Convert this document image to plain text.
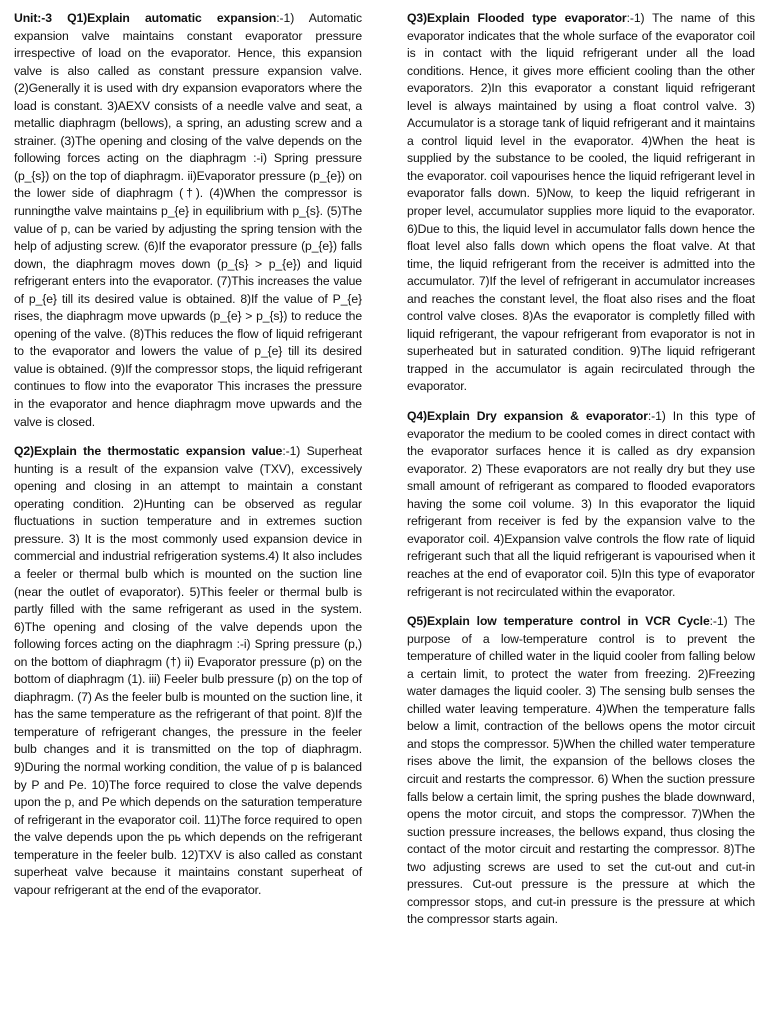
Unit:-3 Q1)Explain automatic expansion:-1) Automatic expansion valve maintains constant evaporator pressure irrespective of load on the evaporator. Hence, this expansion valve is also called as constant pressure expansion valve. (2)Generally it is used with dry expansion evaporators where the load is constant. 3)AEXV consists of a needle valve and seat, a metallic diaphragm (bellows), a spring, an adusting screw and a strainer. (3)The opening and closing of the valve depends on the following forces acting on the diaphragm :-i) Spring pressure (p_{s}) on the top of diaphragm. ii)Evaporator pressure (p_{e}) on the lower side of diaphragm (†). (4)When the compressor is runningthe valve maintains p_{e} in equilibrium with p_{s}. (5)The value of p, can be varied by adjusting the spring tension with the help of adjusting screw. (6)If the evaporator pressure (p_{e}) falls down, the diaphragm moves down (p_{s} > p_{e}) and liquid refrigerant enters into the evaporator. (7)This increases the value of p_{e} till its desired value is obtained. 8)If the value of P_{e} rises, the diaphragm move upwards (p_{e} > p_{s}) to reduce the opening of the valve. (8)This reduces the flow of liquid refrigerant to the evaporator and lowers the value of p_{e} till its desired value is obtained. (9)If the compressor stops, the liquid refrigerant continues to flow into the evaporator This incrases the pressure in the evaporator and hence diaphragm move upwards and the valve is closed.

Q2)Explain the thermostatic expansion value:-1) Superheat hunting is a result of the expansion valve (TXV), excessively opening and closing in an attempt to maintain a constant operating condition. 2)Hunting can be observed as regular fluctuations in suction temperature and in extremes suction pressure. 3) It is the most commonly used expansion device in commercial and industrial refrigeration systems.4) It also includes a feeler or thermal bulb which is mounted on the suction line (near the outlet of evaporator). 5)This feeler or thermal bulb is partly filled with the same refrigerant as used in the system. 6)The opening and closing of the valve depends upon the following forces acting on the diaphragm :-i) Spring pressure (p,) on the bottom of diaphragm (†) ii) Evaporator pressure (p) on the bottom of diaphragm (1). iii) Feeler bulb pressure (p) on the top of diaphragm. (7) As the feeler bulb is mounted on the suction line, it has the same temperature as the refrigerant of that point. 8)If the temperature of refrigerant changes, the pressure in the feeler bulb changes and it is transmitted on the top of diaphragm. 9)During the normal working condition, the value of p is balanced by P and Pe. 10)The force required to close the valve depends upon the p, and Pe which depends on the saturation temperature of refrigerant in the evaporator coil. 11)The force required to open the valve depends upon the pь which depends on the refrigerant temperature in the feeler bulb. 12)TXV is also called as constant superheat valve because it maintains constant superheat of vapour refrigerant at the end of the evaporator.

Q3)Explain Flooded type evaporator:-1) The name of this evaporator indicates that the whole surface of the evaporator coil is in contact with the liquid refrigerant under all the load conditions. Hence, it gives more efficient cooling than the other evaporators. 2)In this evaporator a constant liquid refrigerant level is always maintained by using a float control valve. 3) Accumulator is a storage tank of liquid refrigerant and it maintains a control liquid level in the evaporator. 4)When the heat is supplied by the substance to be cooled, the liquid refrigerant in the evaporator. coil vapourises hence the liquid refrigerant level in evaporator falls down. 5)Now, to keep the liquid refrigerant in proper level, accumulator supplies more liquid to the evaporator. 6)Due to this, the liquid level in accumulator falls down hence the float level also falls down which opens the float valve. At that time, the liquid refrigerant from the receiver is admitted into the accumulator. 7)If the level of refrigerant in accumulator increases and reaches the constant level, the float also rises and the float control valve closes. 8)As the evaporator is completly filled with liquid refrigerant, the vapour refrigerant from evaporator is not in superheated but in saturated condition. 9)The liquid refrigerant trapped in the accumulator is again recirculated through the evaporator.

Q4)Explain Dry expansion & evaporator:-1) In this type of evaporator the medium to be cooled comes in direct contact with the evaporator surfaces hence it is called as dry expansion evaporator. 2) These evaporators are not really dry but they use small amount of refrigerant as compared to flooded evaporators having the some coil volume. 3) In this evaporator the liquid refrigerant from receiver is fed by the expansion valve to the evaporator coil. 4)Expansion valve controls the flow rate of liquid refrigerant such that all the liquid refrigerant is vapourised when it reaches at the end of evaporator coil. 5)In this type of evaporator refrigerant is not recirculated within the evaporator.

Q5)Explain low temperature control in VCR Cycle:-1) The purpose of a low-temperature control is to prevent the temperature of chilled water in the liquid cooler from falling below a certain limit, to protect the water from freezing. 2)Freezing water damages the liquid cooler. 3) The sensing bulb senses the chilled water leaving temperature. 4)When the temperature falls below a limit, contraction of the bellows opens the motor circuit and stops the compressor. 5)When the chilled water temperature rises above the limit, the expansion of the bellows closes the circuit and restarts the compressor. 6) When the suction pressure falls below a certain limit, the spring pushes the blade downward, opens the motor circuit, and stops the compressor. 7)When the suction pressure increases, the bellows expand, thus closing the contact of the motor circuit and restarting the compressor. 8)The two adjusting screws are used to set the cut-out and cut-in pressures. Cut-out pressure is the pressure at which the compressor stops, and cut-in pressure is the pressure at which the compressor starts again.
